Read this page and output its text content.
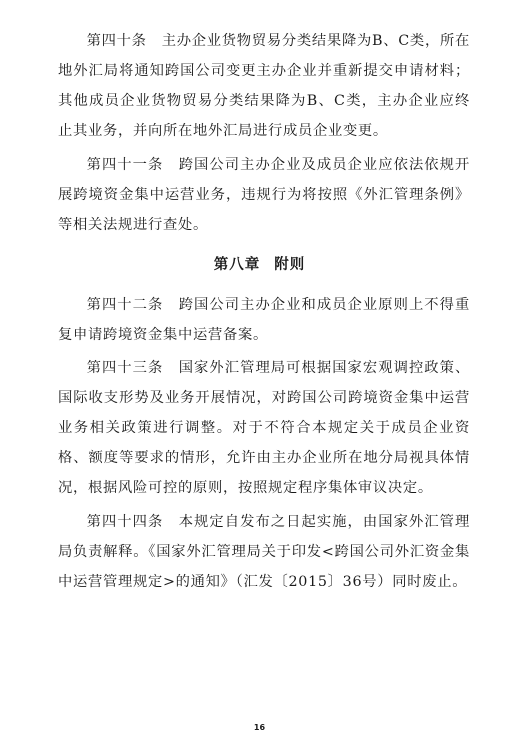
第四十条　主办企业货物贸易分类结果降为B、C类，所在地外汇局将通知跨国公司变更主办企业并重新提交申请材料；其他成员企业货物贸易分类结果降为B、C类，主办企业应终止其业务，并向所在地外汇局进行成员企业变更。

第四十一条　跨国公司主办企业及成员企业应依法依规开展跨境资金集中运营业务，违规行为将按照《外汇管理条例》等相关法规进行查处。

第八章 附则

第四十二条　跨国公司主办企业和成员企业原则上不得重复申请跨境资金集中运营备案。

第四十三条　国家外汇管理局可根据国家宏观调控政策、国际收支形势及业务开展情况，对跨国公司跨境资金集中运营业务相关政策进行调整。对于不符合本规定关于成员企业资格、额度等要求的情形，允许由主办企业所在地分局视具体情况，根据风险可控的原则，按照规定程序集体审议决定。

第四十四条　本规定自发布之日起实施，由国家外汇管理局负责解释。《国家外汇管理局关于印发<跨国公司外汇资金集中运营管理规定>的通知》（汇发〔2015〕36号）同时废止。

16
